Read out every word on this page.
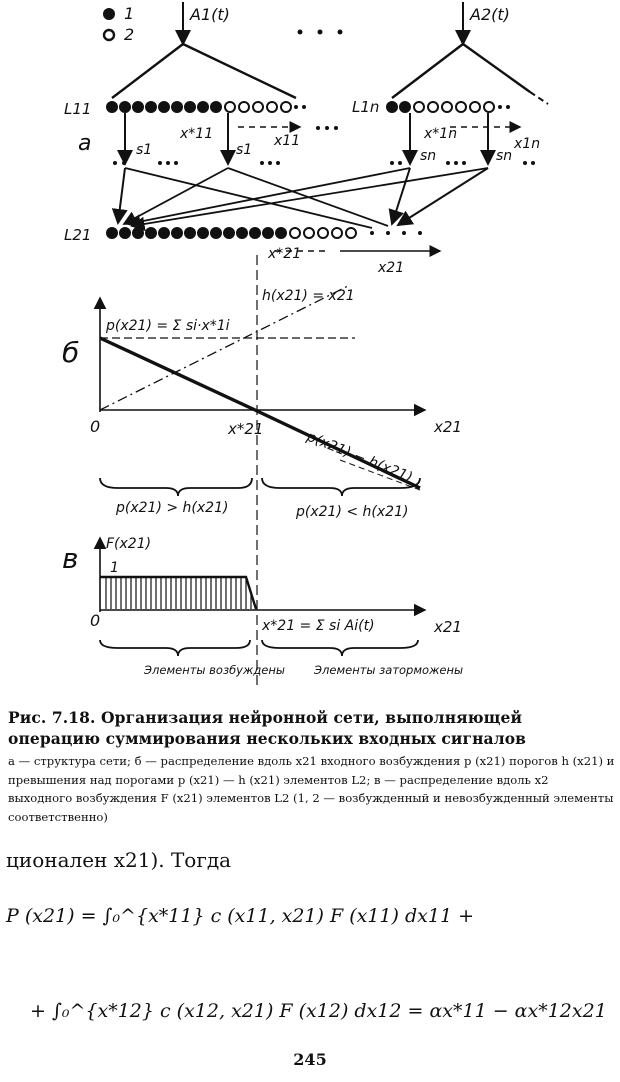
1
2
A1(t)	A2(t)
L11	L1n
L21
a	x*11	x11	x*1n
x1n
s1	s1	sn	sn
x*21
x21
б
p(x21) = Σ si·x*1i
h(x21) = x21
0	x*21	x21
p(x21) − h(x21)
p(x21) > h(x21)	p(x21) < h(x21)
в F(x21)
1
0	x*21 = Σ si Ai(t)	x21
Элементы возбуждены	Элементы заторможены
Рис. 7.18. Организация нейронной сети, выполняющей операцию суммирования нескольких входных сигналов
а — структура сети; б — распределение вдоль x21 входного возбуждения p (x21) порогов h (x21) и превышения над порогами p (x21) — h (x21) элементов L2; в — распределение вдоль x2 выходного возбуждения F (x21) элементов L2 (1, 2 — возбужденный и невозбужденный элементы соответственно)
ционален x21). Тогда
P (x21) = ∫₀^{x*11} c (x11, x21) F (x11) dx11 +
+ ∫₀^{x*12} c (x12, x21) F (x12) dx12 = αx*11 − αx*12x21
245
